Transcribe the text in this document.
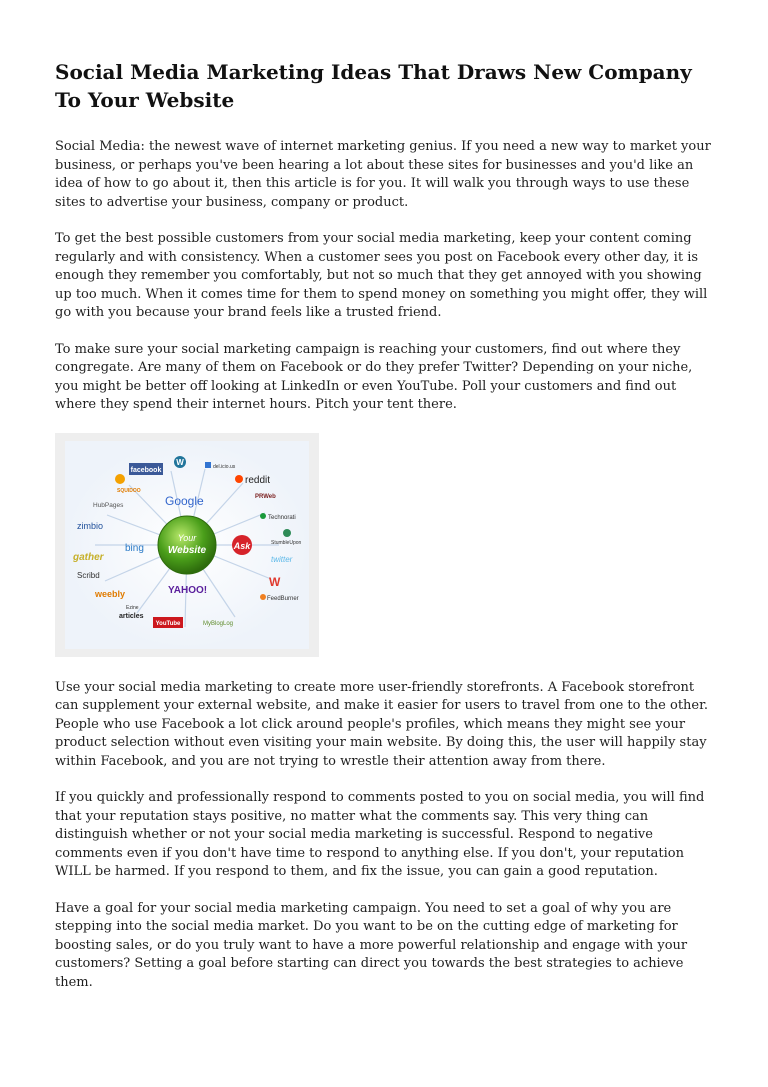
Social Media Marketing Ideas That Draws New Company To Your Website

Social Media: the newest wave of internet marketing genius. If you need a new way to market your business, or perhaps you've been hearing a lot about these sites for businesses and you'd like an idea of how to go about it, then this article is for you. It will walk you through ways to use these sites to advertise your business, company or product.

To get the best possible customers from your social media marketing, keep your content coming regularly and with consistency. When a customer sees you post on Facebook every other day, it is enough they remember you comfortably, but not so much that they get annoyed with you showing up too much. When it comes time for them to spend money on something you might offer, they will go with you because your brand feels like a trusted friend.

To make sure your social marketing campaign is reaching your customers, find out where they congregate. Are many of them on Facebook or do they prefer Twitter? Depending on your niche, you might be better off looking at LinkedIn or even YouTube. Poll your customers and find out where they spend their internet hours. Pitch your tent there.

Your
Website
facebook
W	del.icio.us
SQUIDOO
reddit
PRWeb
HubPages	Google
Technorati
zimbio
StumbleUpon
bing	Ask
gather	twitter
Scribd	W
YAHOO!
weebly	FeedBurner
Ezine
articles
YouTube	MyBlogLog

Use your social media marketing to create more user-friendly storefronts. A Facebook storefront can supplement your external website, and make it easier for users to travel from one to the other. People who use Facebook a lot click around people's profiles, which means they might see your product selection without even visiting your main website. By doing this, the user will happily stay within Facebook, and you are not trying to wrestle their attention away from there.

If you quickly and professionally respond to comments posted to you on social media, you will find that your reputation stays positive, no matter what the comments say. This very thing can distinguish whether or not your social media marketing is successful. Respond to negative comments even if you don't have time to respond to anything else. If you don't, your reputation WILL be harmed. If you respond to them, and fix the issue, you can gain a good reputation.

Have a goal for your social media marketing campaign. You need to set a goal of why you are stepping into the social media market. Do you want to be on the cutting edge of marketing for boosting sales, or do you truly want to have a more powerful relationship and engage with your customers? Setting a goal before starting can direct you towards the best strategies to achieve them.
